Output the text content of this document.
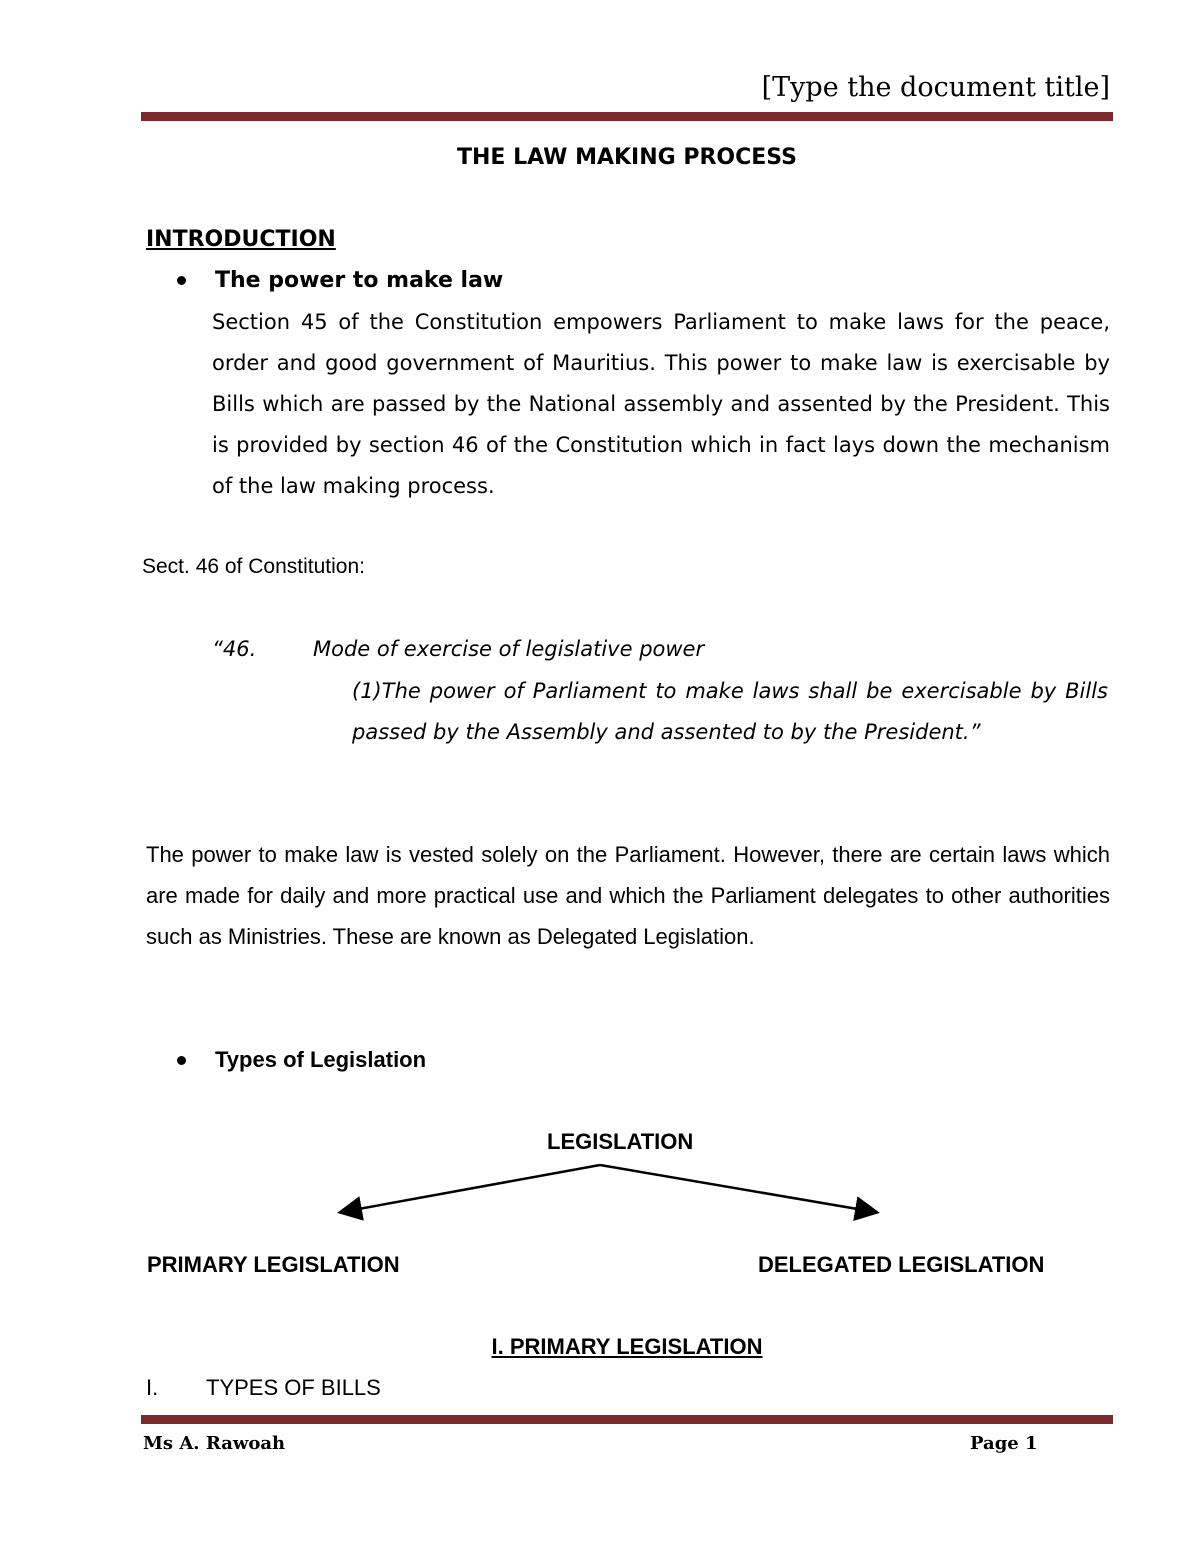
[Type the document title]
THE LAW MAKING PROCESS
INTRODUCTION
The power to make law
Section 45 of the Constitution empowers Parliament to make laws for the peace, order and good government of Mauritius. This power to make law is exercisable by Bills which are passed by the National assembly and assented by the President. This is provided by section 46 of the Constitution which in fact lays down the mechanism of the law making process.
Sect. 46 of Constitution:
“46.	Mode of exercise of legislative power
(1)The power of Parliament to make laws shall be exercisable by Bills passed by the Assembly and assented to by the President.”
The power to make law is vested solely on the Parliament. However, there are certain laws which are made for daily and more practical use and which the Parliament delegates to other authorities such as Ministries. These are known as Delegated Legislation.
Types of Legislation
LEGISLATION
PRIMARY LEGISLATION	DELEGATED LEGISLATION
I. PRIMARY LEGISLATION
I. TYPES OF BILLS
Ms A. Rawoah	Page 1
